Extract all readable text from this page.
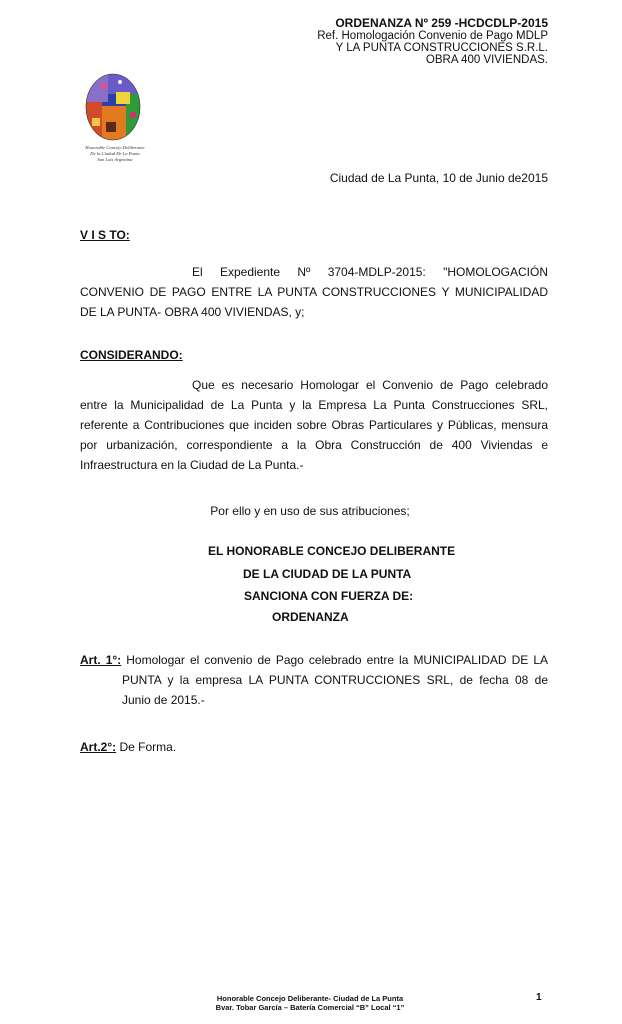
ORDENANZA Nº 259 -HCDCDLP-2015
Ref. Homologación Convenio de Pago MDLP
Y LA PUNTA CONSTRUCCIONES S.R.L.
OBRA 400 VIVIENDAS.
Honorable Concejo Deliberante
De la Ciudad De La Punta
San Luis Argentina
Ciudad de La Punta, 10 de Junio de2015
V I S TO:
El Expediente Nº 3704-MDLP-2015: "HOMOLOGACIÓN
CONVENIO DE PAGO ENTRE LA PUNTA CONSTRUCCIONES Y MUNICIPALIDAD
DE LA PUNTA- OBRA 400 VIVIENDAS, y;
CONSIDERANDO:
Que es necesario Homologar el Convenio de Pago celebrado
entre la Municipalidad de La Punta y la Empresa La Punta Construcciones SRL,
referente a Contribuciones que inciden sobre Obras Particulares y Públicas, mensura
por urbanización, correspondiente a la Obra Construcción de 400 Viviendas e
Infraestructura en la Ciudad de La Punta.-
Por ello y en uso de sus atribuciones;
EL HONORABLE CONCEJO DELIBERANTE
DE LA CIUDAD DE LA PUNTA
SANCIONA CON FUERZA DE:
ORDENANZA
Art. 1°: Homologar el convenio de Pago celebrado entre la MUNICIPALIDAD DE LA
PUNTA y la empresa LA PUNTA CONTRUCCIONES SRL, de fecha 08 de
Junio de 2015.-
Art.2°: De Forma.
Honorable Concejo Deliberante- Ciudad de La Punta
Bvar. Tobar García – Batería Comercial “B” Local “1”
1
